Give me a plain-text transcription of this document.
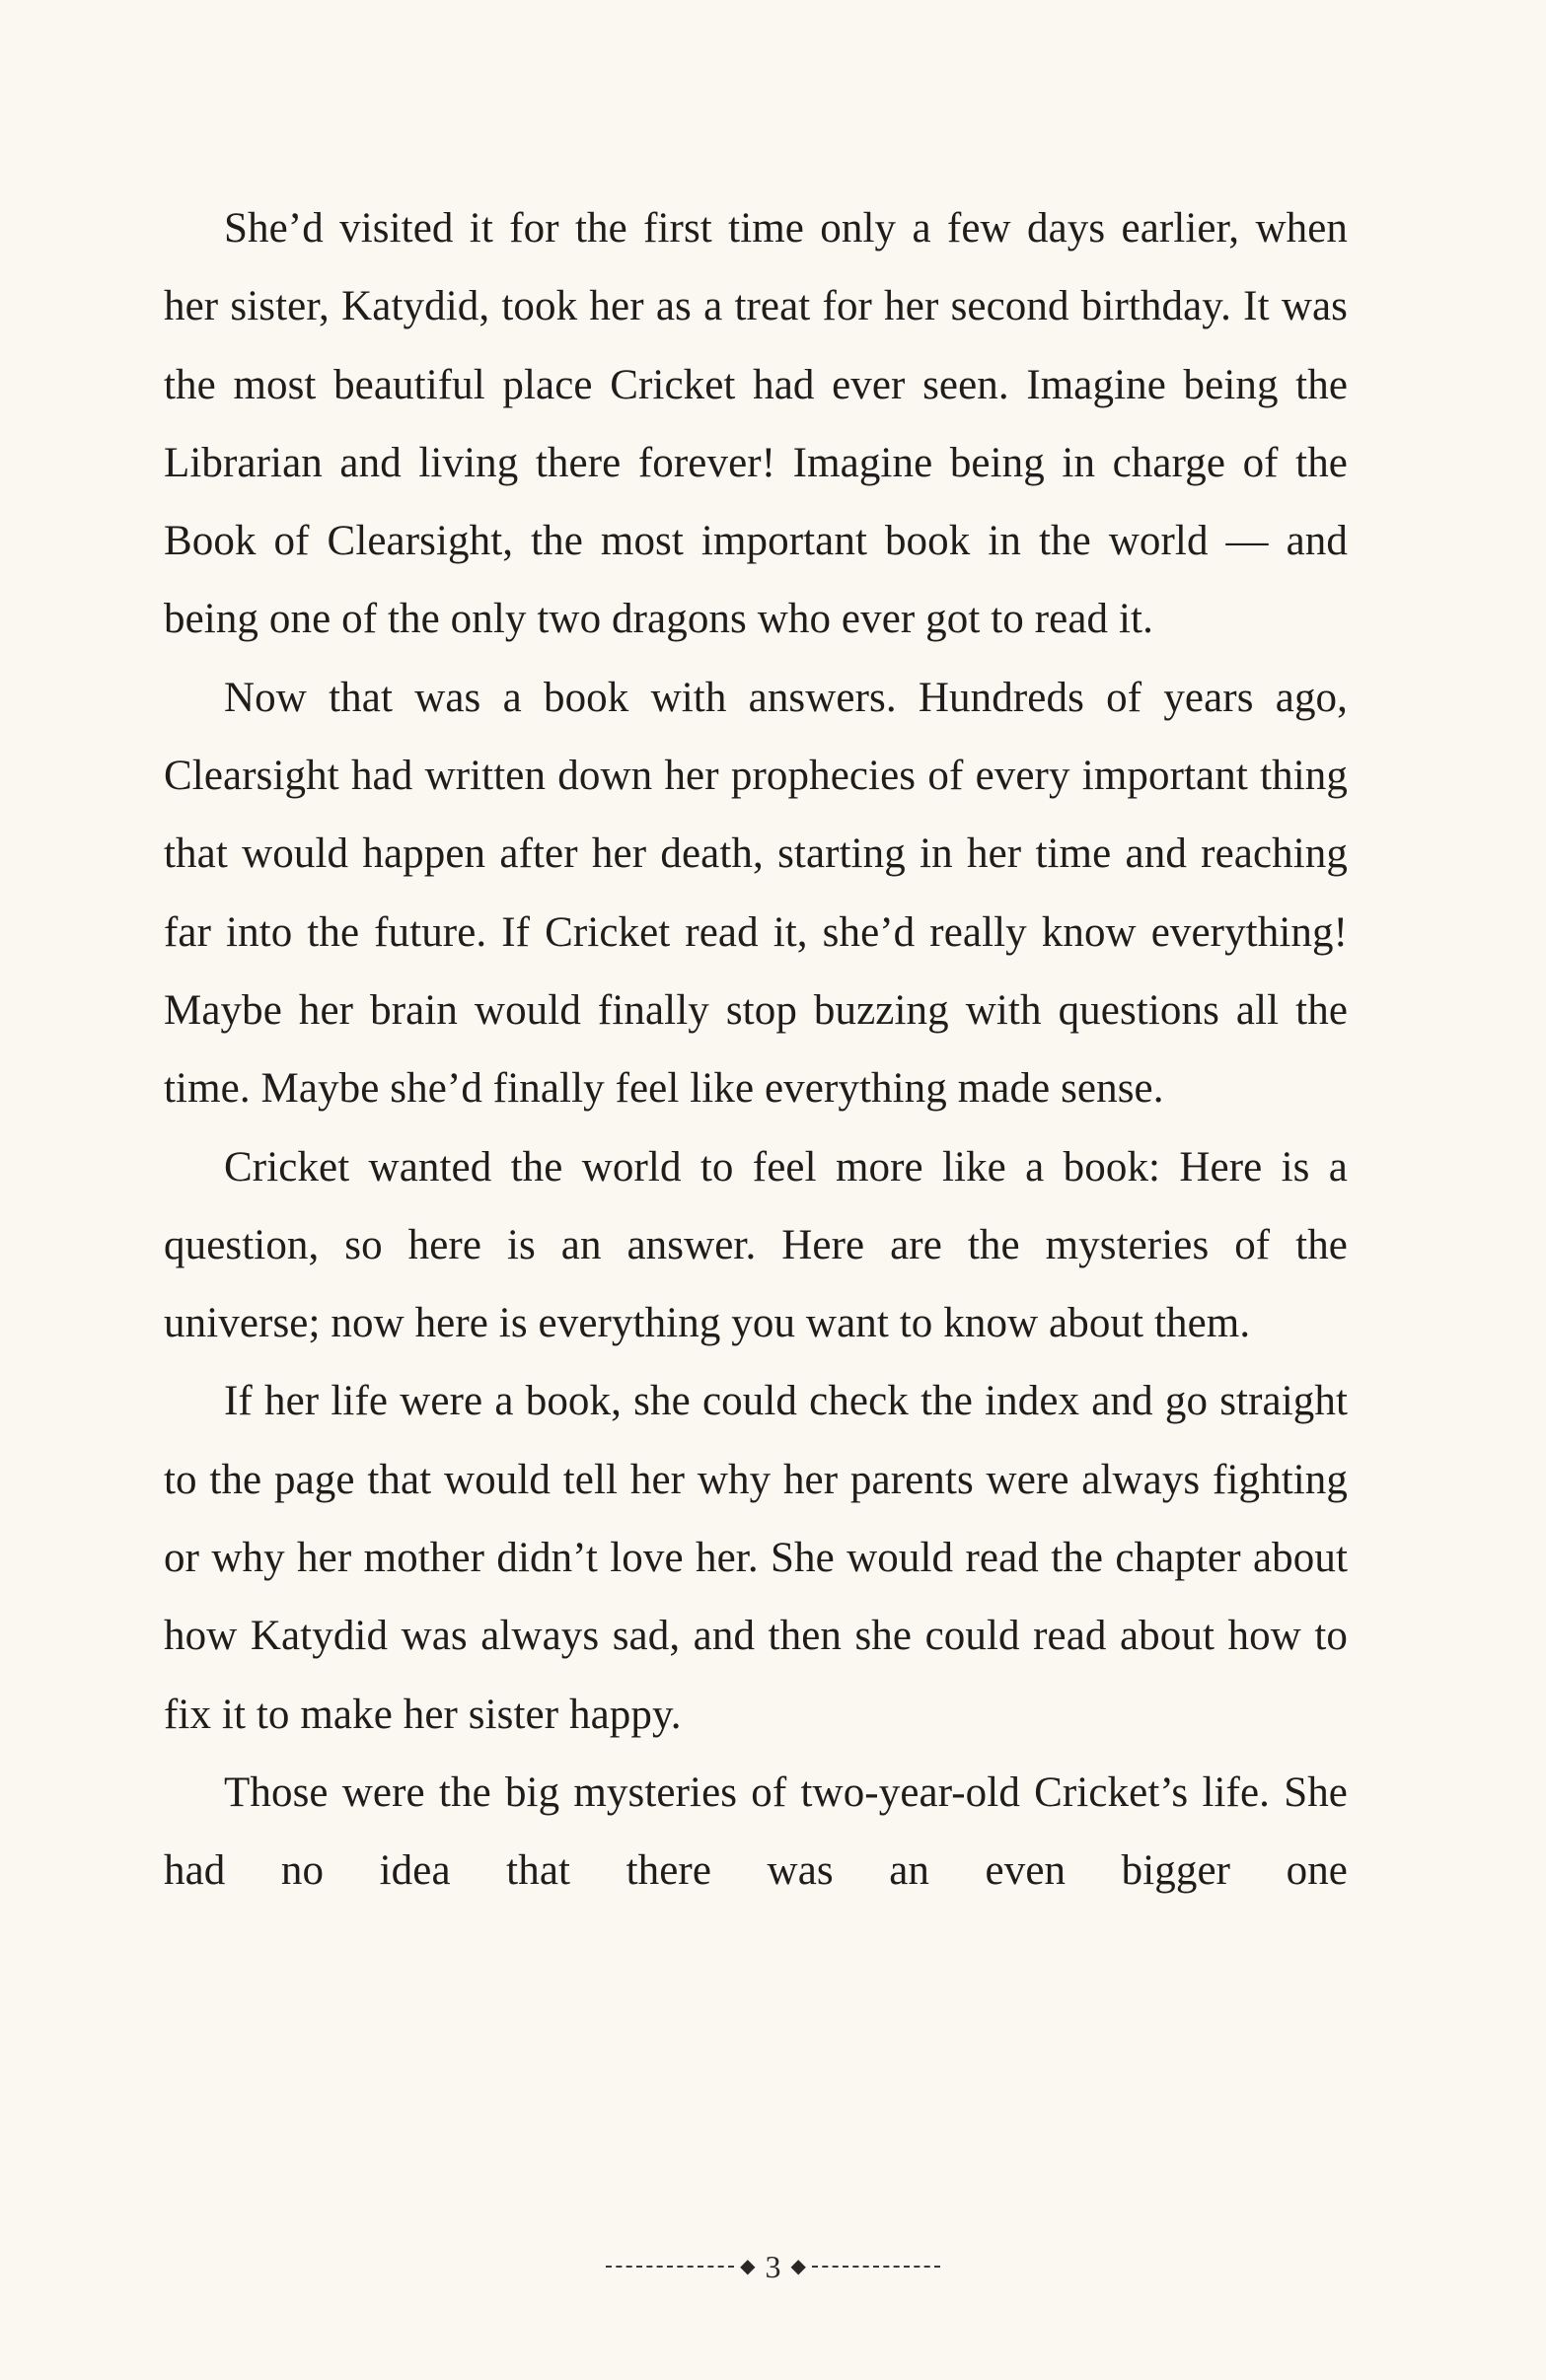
She’d visited it for the first time only a few days earlier, when her sister, Katydid, took her as a treat for her second birthday. It was the most beautiful place Cricket had ever seen. Imagine being the Librarian and living there forever! Imagine being in charge of the Book of Clearsight, the most important book in the world — and being one of the only two dragons who ever got to read it.

Now that was a book with answers. Hundreds of years ago, Clearsight had written down her prophecies of every important thing that would happen after her death, starting in her time and reaching far into the future. If Cricket read it, she’d really know everything! Maybe her brain would finally stop buzzing with questions all the time. Maybe she’d finally feel like everything made sense.

Cricket wanted the world to feel more like a book: Here is a question, so here is an answer. Here are the mysteries of the universe; now here is everything you want to know about them.

If her life were a book, she could check the index and go straight to the page that would tell her why her parents were always fighting or why her mother didn’t love her. She would read the chapter about how Katydid was always sad, and then she could read about how to fix it to make her sister happy.

Those were the big mysteries of two-year-old Cricket’s life. She had no idea that there was an even bigger one

◆ 3 ◆
